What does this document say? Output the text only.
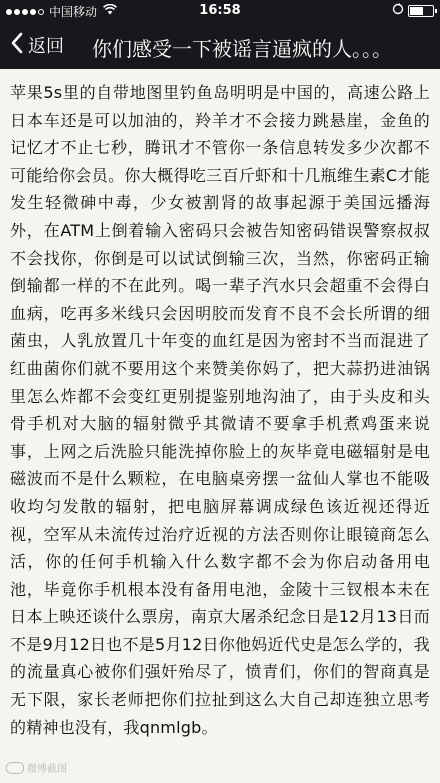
中国移动	16:58
返回 你们感受一下被谣言逼疯的人。。。

苹果5s里的自带地图里钓鱼岛明明是中国的，高速公路上日本车还是可以加油的，羚羊才不会接力跳悬崖，金鱼的记忆才不止七秒，腾讯才不管你一条信息转发多少次都不可能给你会员。你大概得吃三百斤虾和十几瓶维生素C才能发生轻微砷中毒，少女被割肾的故事起源于美国远播海外，在ATM上倒着输入密码只会被告知密码错误警察叔叔不会找你，你倒是可以试试倒输三次，当然，你密码正输倒输都一样的不在此列。喝一辈子汽水只会超重不会得白血病，吃再多米线只会因明胶而发育不良不会长所谓的细菌虫，人乳放置几十年变的血红是因为密封不当而混进了红曲菌你们就不要用这个来赞美你妈了，把大蒜扔进油锅里怎么炸都不会变红更别提鉴别地沟油了，由于头皮和头骨手机对大脑的辐射微乎其微请不要拿手机煮鸡蛋来说事，上网之后洗脸只能洗掉你脸上的灰毕竟电磁辐射是电磁波而不是什么颗粒，在电脑桌旁摆一盆仙人掌也不能吸收均匀发散的辐射，把电脑屏幕调成绿色该近视还得近视，空军从未流传过治疗近视的方法否则你让眼镜商怎么活，你的任何手机输入什么数字都不会为你启动备用电池，毕竟你手机根本没有备用电池，金陵十三钗根本未在日本上映还谈什么票房，南京大屠杀纪念日是12月13日而不是9月12日也不是5月12日你他妈近代史是怎么学的，我的流量真心被你们强奸殆尽了，愤青们，你们的智商真是无下限，家长老师把你们拉扯到这么大自己却连独立思考的精神也没有，我qnmlgb。

微博截图
